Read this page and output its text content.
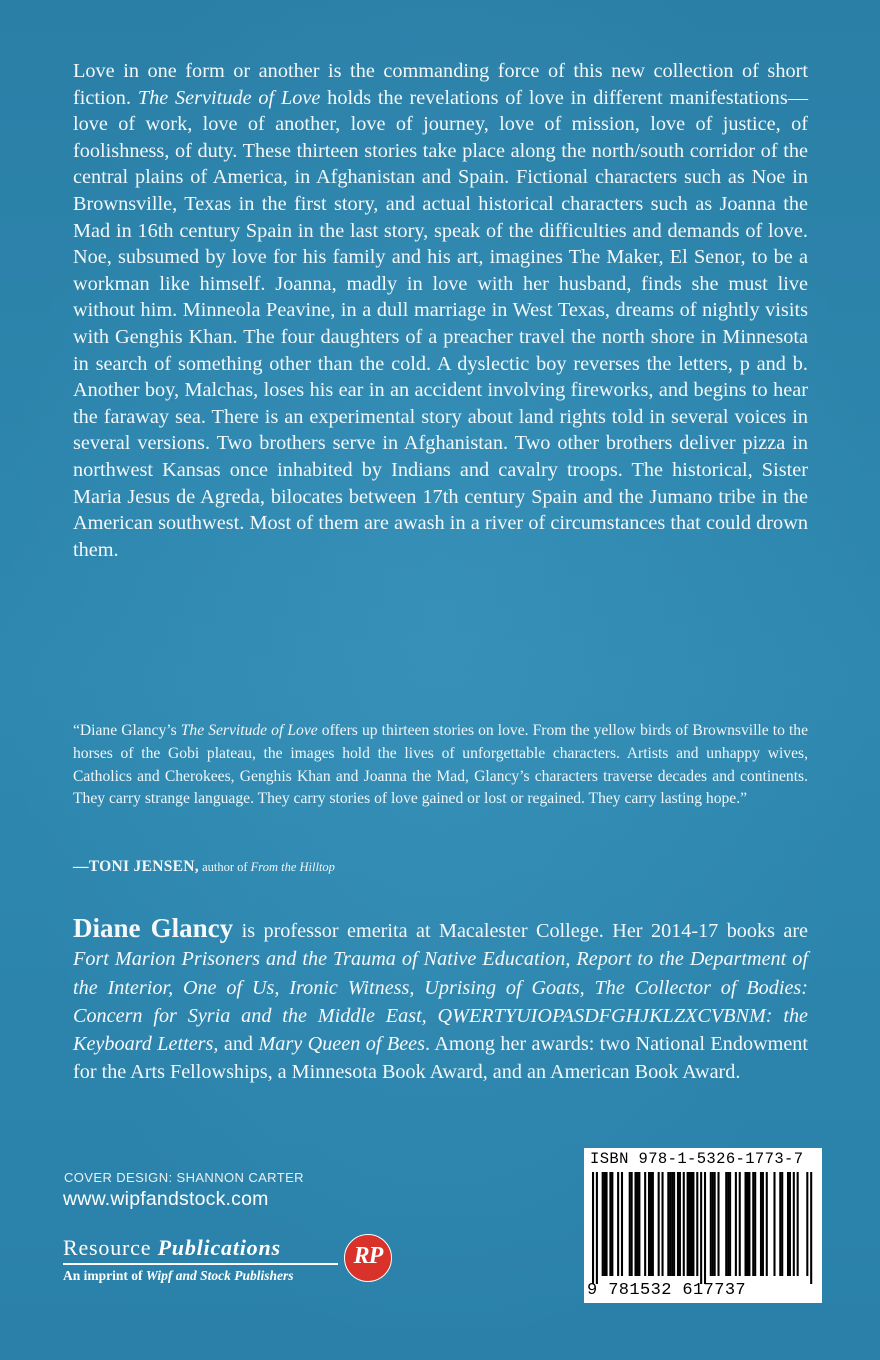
Love in one form or another is the commanding force of this new collection of short fiction. The Servitude of Love holds the revelations of love in different manifestations—love of work, love of another, love of journey, love of mission, love of justice, of foolishness, of duty. These thirteen stories take place along the north/south corridor of the central plains of America, in Afghanistan and Spain. Fictional characters such as Noe in Brownsville, Texas in the first story, and actual historical characters such as Joanna the Mad in 16th century Spain in the last story, speak of the difficulties and demands of love. Noe, subsumed by love for his family and his art, imagines The Maker, El Senor, to be a workman like himself. Joanna, madly in love with her husband, finds she must live without him. Minneola Peavine, in a dull marriage in West Texas, dreams of nightly visits with Genghis Khan. The four daughters of a preacher travel the north shore in Minnesota in search of something other than the cold. A dyslectic boy reverses the letters, p and b. Another boy, Malchas, loses his ear in an accident involving fireworks, and begins to hear the faraway sea. There is an experimental story about land rights told in several voices in several versions. Two brothers serve in Afghanistan. Two other brothers deliver pizza in northwest Kansas once inhabited by Indians and cavalry troops. The historical, Sister Maria Jesus de Agreda, bilocates between 17th century Spain and the Jumano tribe in the American southwest. Most of them are awash in a river of circumstances that could drown them.

“Diane Glancy’s The Servitude of Love offers up thirteen stories on love. From the yellow birds of Brownsville to the horses of the Gobi plateau, the images hold the lives of unforgettable characters. Artists and unhappy wives, Catholics and Cherokees, Genghis Khan and Joanna the Mad, Glancy’s characters traverse decades and continents. They carry strange language. They carry stories of love gained or lost or regained. They carry lasting hope.”

—TONI JENSEN, author of From the Hilltop

Diane Glancy is professor emerita at Macalester College. Her 2014-17 books are Fort Marion Prisoners and the Trauma of Native Education, Report to the Department of the Interior, One of Us, Ironic Witness, Uprising of Goats, The Collector of Bodies: Concern for Syria and the Middle East, QWERTYUIOPASDFGHJKLZXCVBNM: the Keyboard Letters, and Mary Queen of Bees. Among her awards: two National Endowment for the Arts Fellowships, a Minnesota Book Award, and an American Book Award.

COVER DESIGN: SHANNON CARTER
www.wipfandstock.com
Resource Publications
An imprint of Wipf and Stock Publishers
RP
ISBN 978-1-5326-1773-7
9 781532 617737
